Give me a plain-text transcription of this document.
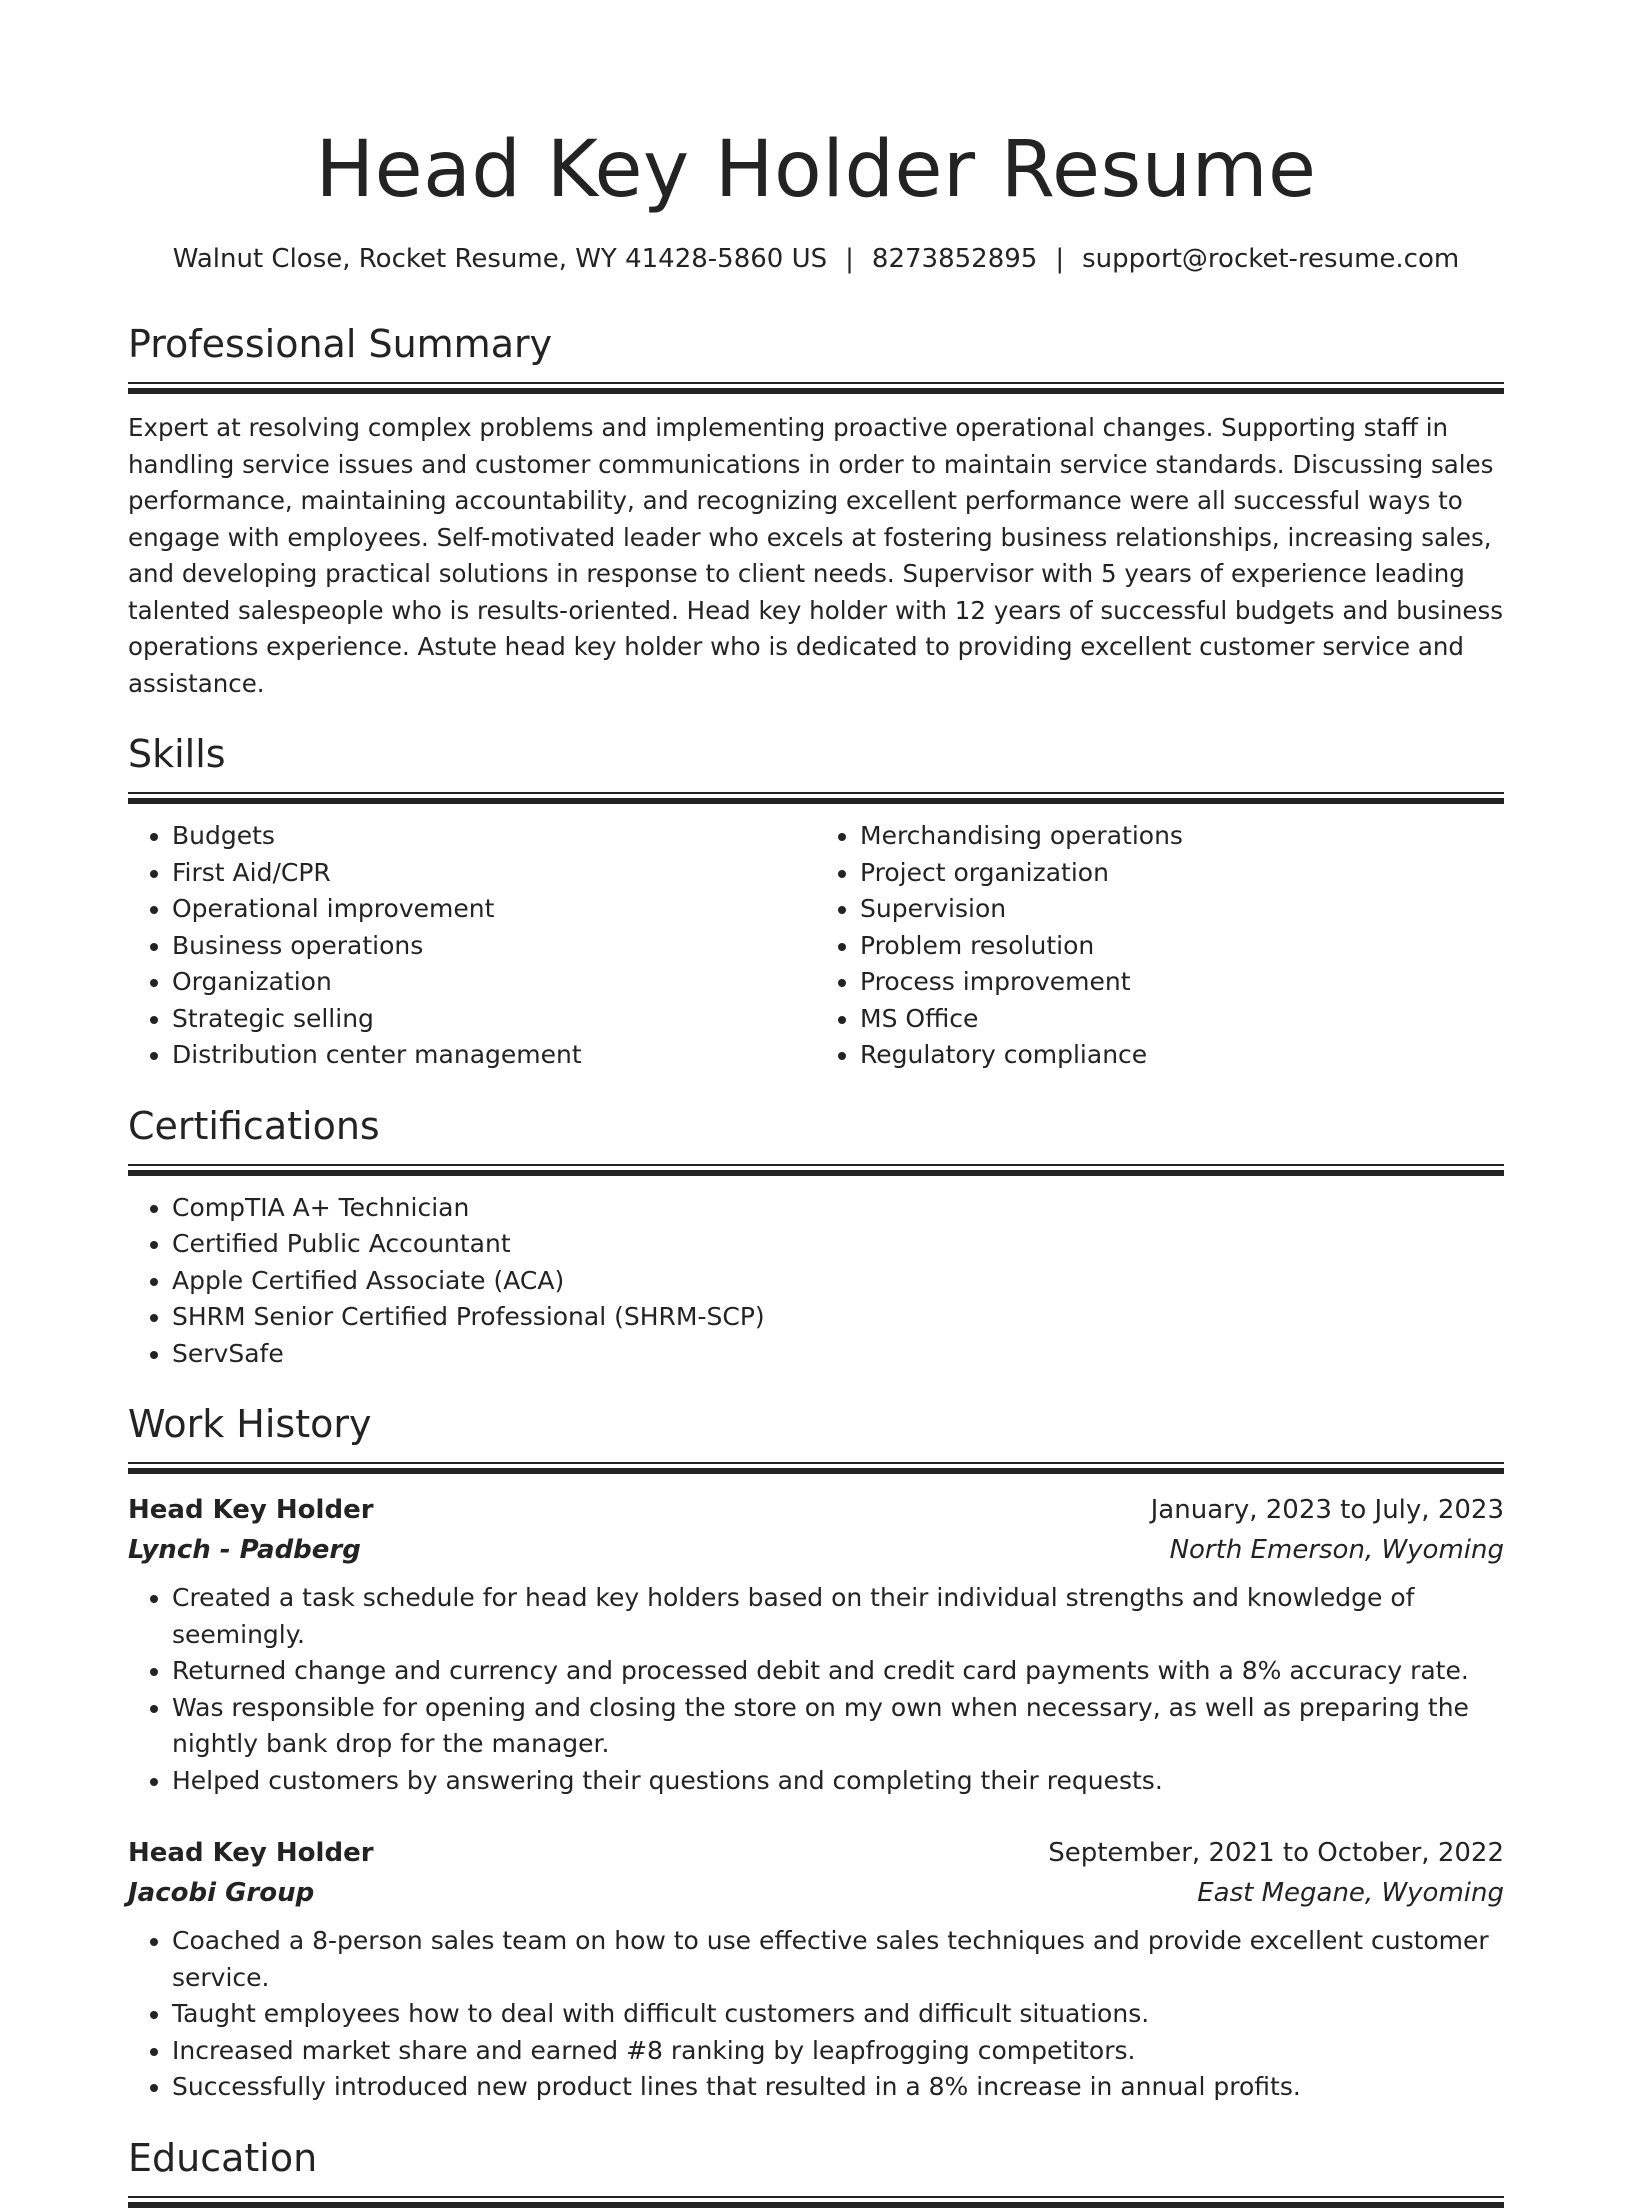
Head Key Holder Resume
Walnut Close, Rocket Resume, WY 41428-5860 US | 8273852895 | support@rocket-resume.com
Professional Summary

Expert at resolving complex problems and implementing proactive operational changes. Supporting staff in handling service issues and customer communications in order to maintain service standards. Discussing sales performance, maintaining accountability, and recognizing excellent performance were all successful ways to engage with employees. Self-motivated leader who excels at fostering business relationships, increasing sales, and developing practical solutions in response to client needs. Supervisor with 5 years of experience leading talented salespeople who is results-oriented. Head key holder with 12 years of successful budgets and business operations experience. Astute head key holder who is dedicated to providing excellent customer service and assistance.

Skills
• Budgets
• First Aid/CPR
• Operational improvement
• Business operations
• Organization
• Strategic selling
• Distribution center management
• Merchandising operations
• Project organization
• Supervision
• Problem resolution
• Process improvement
• MS Office
• Regulatory compliance
Certifications
• CompTIA A+ Technician
• Certified Public Accountant
• Apple Certified Associate (ACA)
• SHRM Senior Certified Professional (SHRM-SCP)
• ServSafe
Work History
Head Key Holder	January, 2023 to July, 2023
Lynch - Padberg	North Emerson, Wyoming
• Created a task schedule for head key holders based on their individual strengths and knowledge of seemingly.
• Returned change and currency and processed debit and credit card payments with a 8% accuracy rate.
• Was responsible for opening and closing the store on my own when necessary, as well as preparing the nightly bank drop for the manager.
• Helped customers by answering their questions and completing their requests.
Head Key Holder	September, 2021 to October, 2022
Jacobi Group	East Megane, Wyoming
• Coached a 8-person sales team on how to use effective sales techniques and provide excellent customer service.
• Taught employees how to deal with difficult customers and difficult situations.
• Increased market share and earned #8 ranking by leapfrogging competitors.
• Successfully introduced new product lines that resulted in a 8% increase in annual profits.
Education
